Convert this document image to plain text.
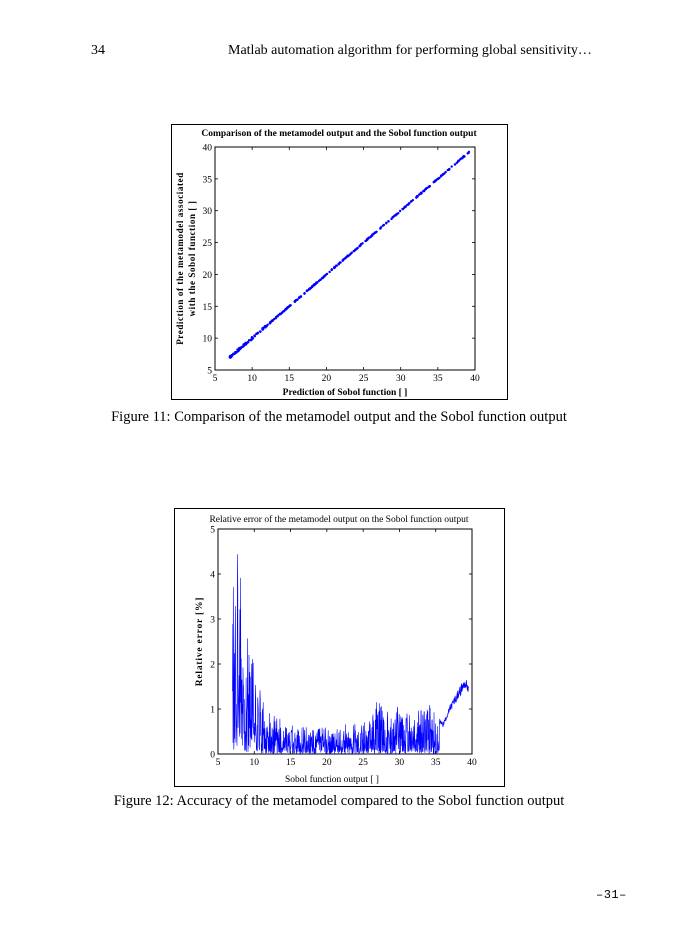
34	Matlab automation algorithm for performing global sensitivity…
5	10	15	20	25	30	35	40
5
10
15
20
25
30
35
40
Comparison of the metamodel output and the Sobol function output
Prediction of Sobol function [ ]
Prediction of the metamodel associated with the Sobol function [ ]
Figure 11: Comparison of the metamodel output and the Sobol function output
5	10	15	20	25	30	35	40
0
1
2
3
4
5
Relative error of the metamodel output on the Sobol function output
Sobol function output [ ]
Relative error [%]
Figure 12: Accuracy of the metamodel compared to the Sobol function output
–31–
